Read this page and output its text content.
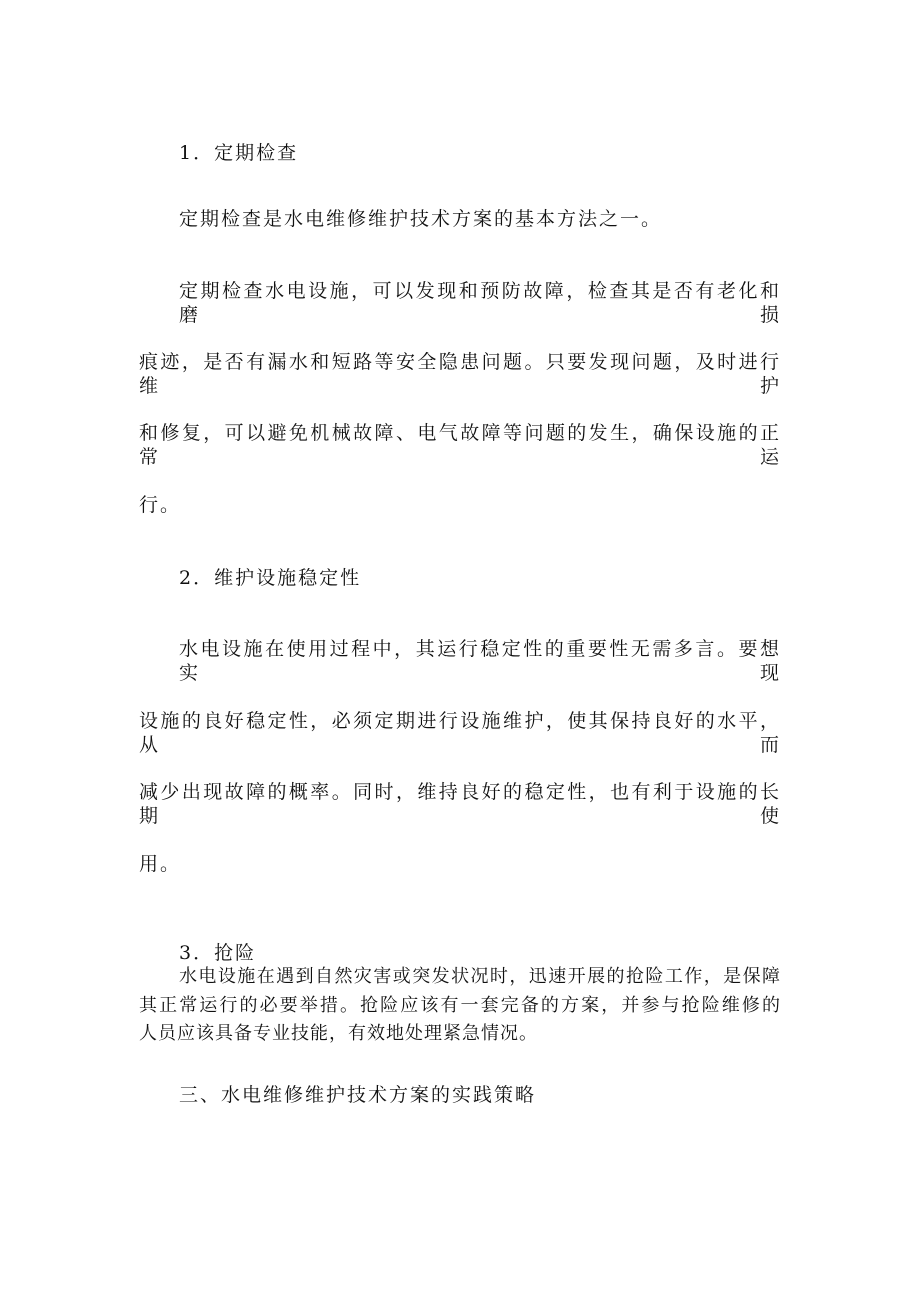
1．定期检查
定期检查是水电维修维护技术方案的基本方法之一。
定期检查水电设施，可以发现和预防故障，检查其是否有老化和磨损
痕迹，是否有漏水和短路等安全隐患问题。只要发现问题，及时进行维护
和修复，可以避免机械故障、电气故障等问题的发生，确保设施的正常运
行。
2．维护设施稳定性
水电设施在使用过程中，其运行稳定性的重要性无需多言。要想实现
设施的良好稳定性，必须定期进行设施维护，使其保持良好的水平，从而
减少出现故障的概率。同时，维持良好的稳定性，也有利于设施的长期使
用。
3．抢险
水电设施在遇到自然灾害或突发状况时，迅速开展的抢险工作，是保障
其正常运行的必要举措。抢险应该有一套完备的方案，并参与抢险维修的
人员应该具备专业技能，有效地处理紧急情况。
三、水电维修维护技术方案的实践策略
